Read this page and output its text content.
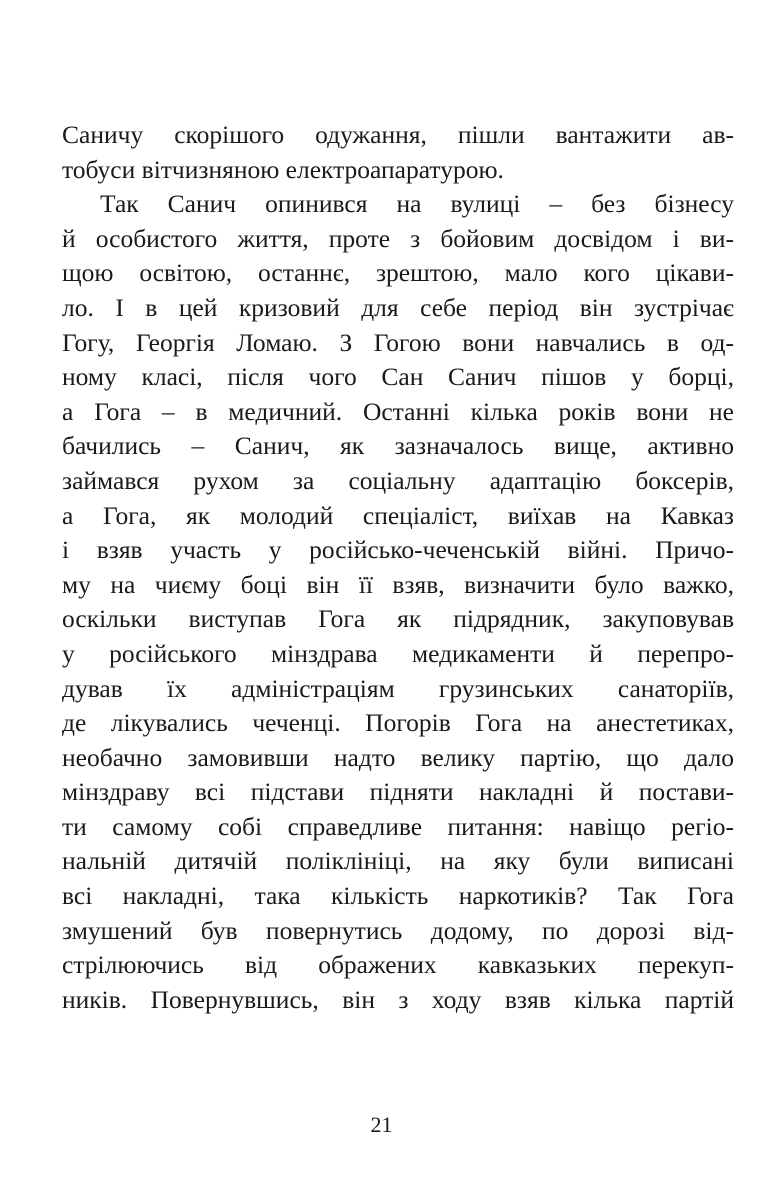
Саничу скорішого одужання, пішли вантажити ав-
тобуси вітчизняною електроапаратурою.
Так Санич опинився на вулиці – без бізнесу
й особистого життя, проте з бойовим досвідом і ви-
щою освітою, останнє, зрештою, мало кого цікави-
ло. І в цей кризовий для себе період він зустрічає
Гогу, Георгія Ломаю. З Гогою вони навчались в од-
ному класі, після чого Сан Санич пішов у борці,
а Гога – в медичний. Останні кілька років вони не
бачились – Санич, як зазначалось вище, активно
займався рухом за соціальну адаптацію боксерів,
а Гога, як молодий спеціаліст, виїхав на Кавказ
і взяв участь у російсько-чеченській війні. Причо-
му на чиєму боці він її взяв, визначити було важко,
оскільки виступав Гога як підрядник, закуповував
у російського мінздрава медикаменти й перепро-
дував їх адміністраціям грузинських санаторіїв,
де лікувались чеченці. Погорів Гога на анестетиках,
необачно замовивши надто велику партію, що дало
мінздраву всі підстави підняти накладні й постави-
ти самому собі справедливе питання: навіщо регіо-
нальній дитячій поліклініці, на яку були виписані
всі накладні, така кількість наркотиків? Так Гога
змушений був повернутись додому, по дорозі від-
стрілюючись від ображених кавказьких перекуп-
ників. Повернувшись, він з ходу взяв кілька партій
21
